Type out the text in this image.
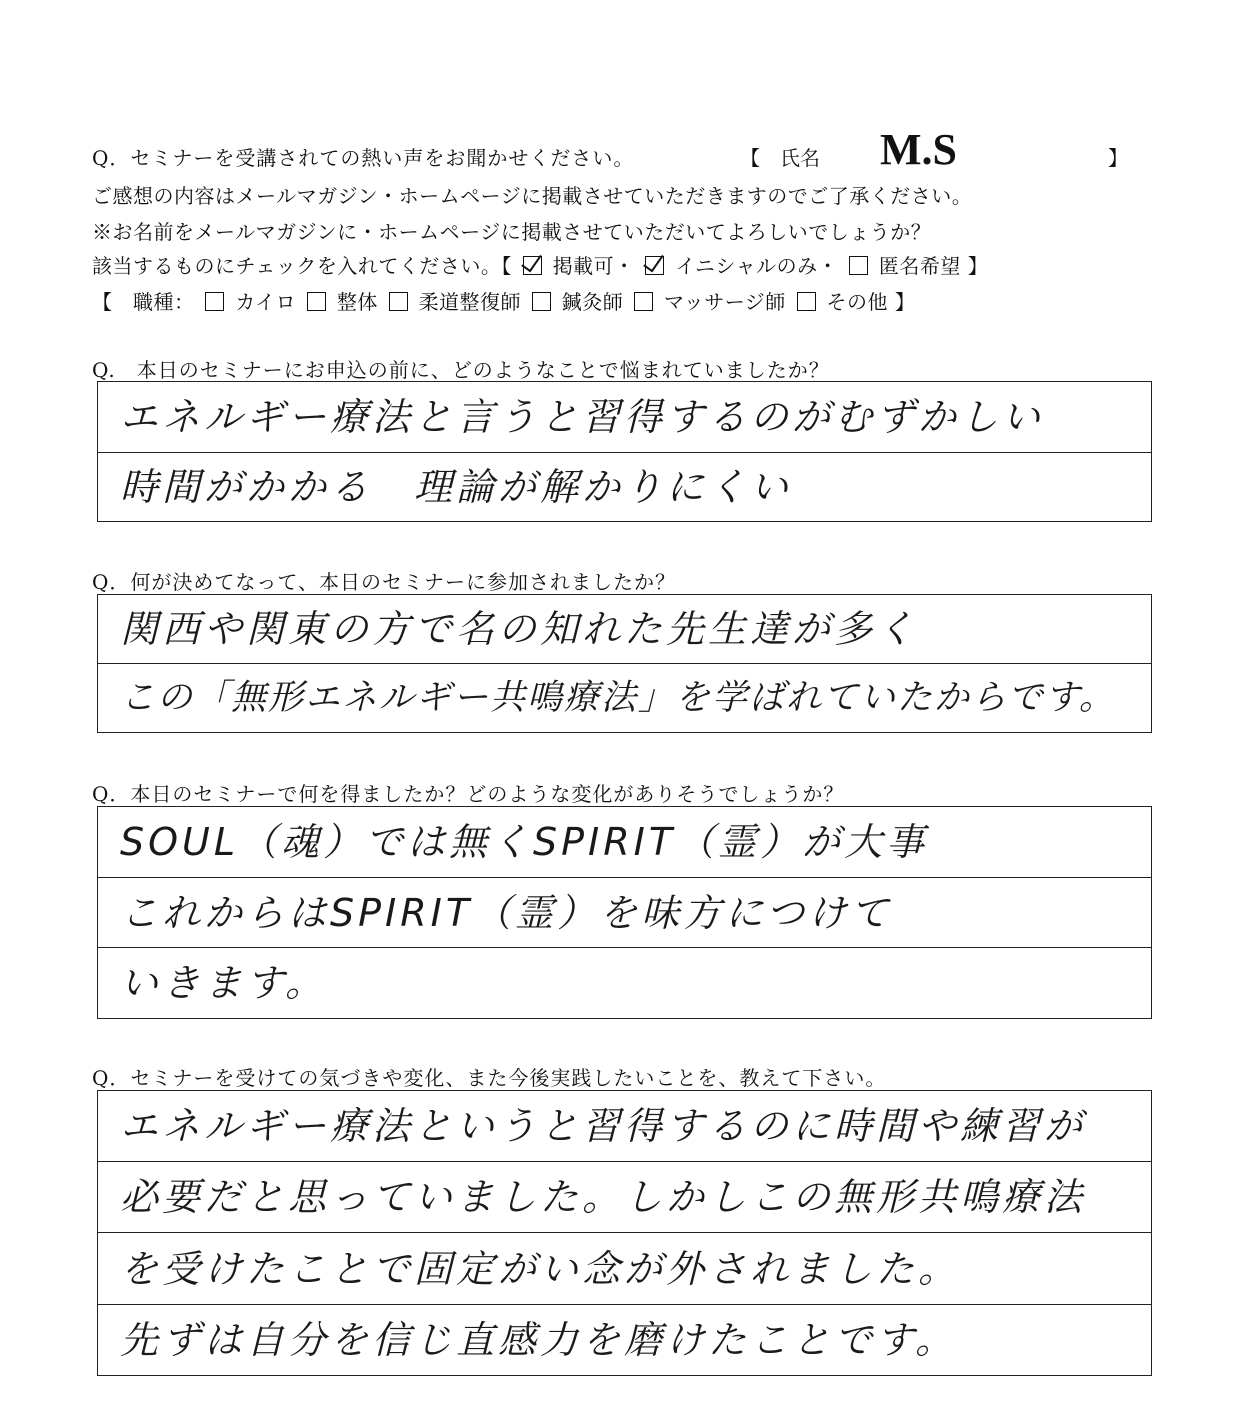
Q．セミナーを受講されての熱い声をお聞かせください。	【　氏名 M.S	】
ご感想の内容はメールマガジン・ホームページに掲載させていただきますのでご了承ください。
※お名前をメールマガジンに・ホームページに掲載させていただいてよろしいでしょうか？
該当するものにチェックを入れてください。【 掲載可・ イニシャルのみ・ 匿名希望 】
【　職種： カイロ 整体 柔道整復師 鍼灸師 マッサージ師 その他 】
Q.　本日のセミナーにお申込の前に、どのようなことで悩まれていましたか？
エネルギー療法と言うと習得するのがむずかしい
時間がかかる　理論が解かりにくい
Q．何が決めてなって、本日のセミナーに参加されましたか？
関西や関東の方で名の知れた先生達が多く
この「無形エネルギー共鳴療法」を学ばれていたからです。
Q．本日のセミナーで何を得ましたか？どのような変化がありそうでしょうか？
SOUL（魂）では無くSPIRIT（霊）が大事
これからはSPIRIT（霊）を味方につけて
いきます。
Q．セミナーを受けての気づきや変化、また今後実践したいことを、教えて下さい。
エネルギー療法というと習得するのに時間や練習が
必要だと思っていました。しかしこの無形共鳴療法
を受けたことで固定がい念が外されました。
先ずは自分を信じ直感力を磨けたことです。
